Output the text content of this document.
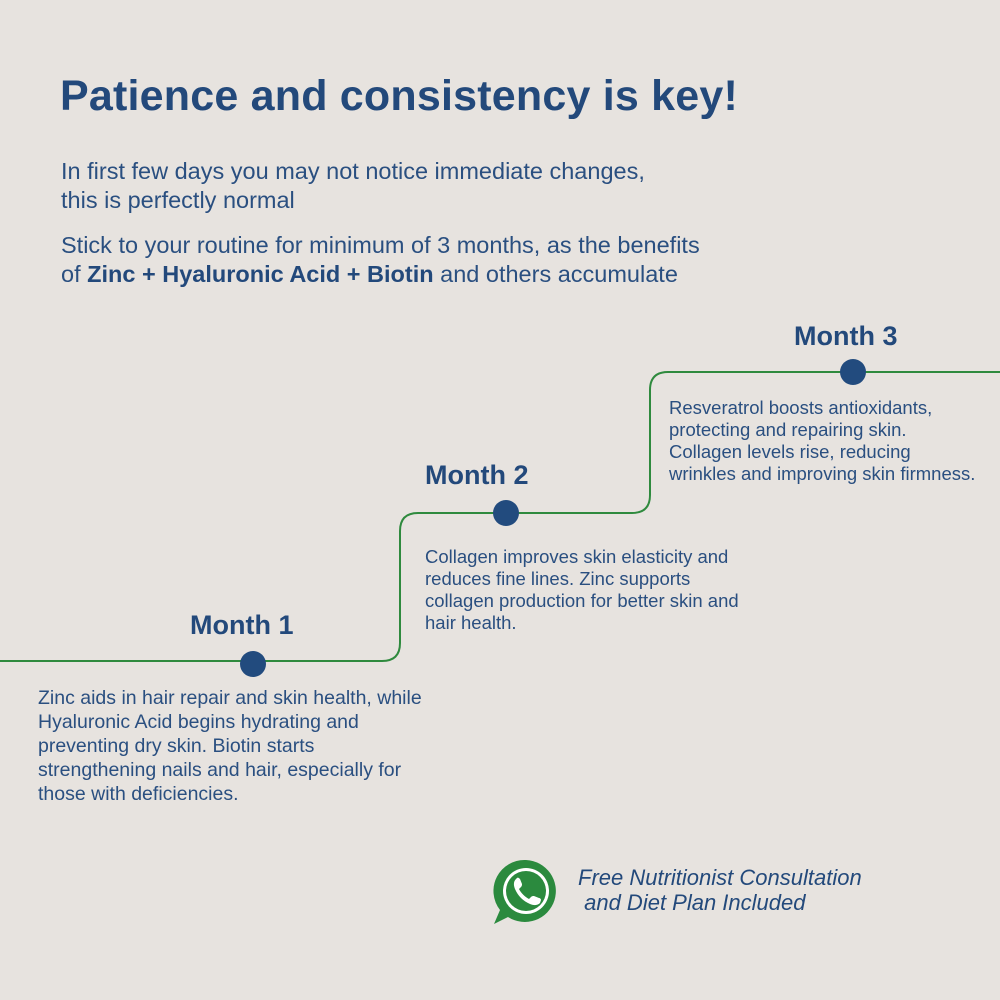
Patience and consistency is key!

In first few days you may not notice immediate changes,
this is perfectly normal

Stick to your routine for minimum of 3 months, as the benefits
of Zinc + Hyaluronic Acid + Biotin and others accumulate

Month 1
Month 2
Month 3
Zinc aids in hair repair and skin health, while Hyaluronic Acid begins hydrating and preventing dry skin. Biotin starts strengthening nails and hair, especially for those with deficiencies.
Collagen improves skin elasticity and reduces fine lines. Zinc supports collagen production for better skin and hair health.
Resveratrol boosts antioxidants, protecting and repairing skin. Collagen levels rise, reducing wrinkles and improving skin firmness.
Free Nutritionist Consultation
and Diet Plan Included
